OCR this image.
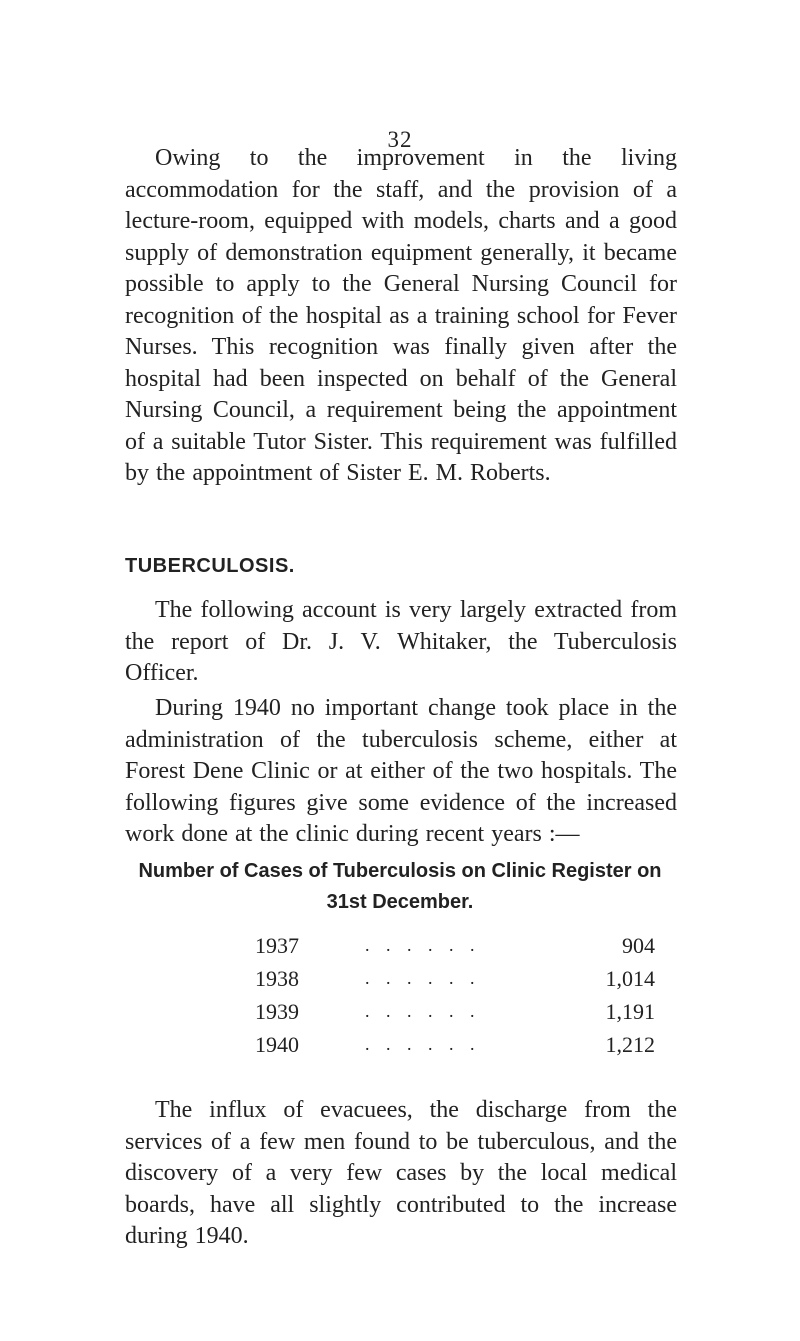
32

Owing to the improvement in the living accommodation for the staff, and the provision of a lecture-room, equipped with models, charts and a good supply of demonstration equipment generally, it became possible to apply to the General Nursing Council for recognition of the hospital as a training school for Fever Nurses. This recognition was finally given after the hospital had been inspected on behalf of the General Nursing Council, a requirement being the appointment of a suitable Tutor Sister. This requirement was fulfilled by the appointment of Sister E. M. Roberts.

TUBERCULOSIS.

The following account is very largely extracted from the report of Dr. J. V. Whitaker, the Tuberculosis Officer.

During 1940 no important change took place in the administration of the tuberculosis scheme, either at Forest Dene Clinic or at either of the two hospitals. The following figures give some evidence of the increased work done at the clinic during recent years :—

Number of Cases of Tuberculosis on Clinic Register on
31st December.
1937	. . . . . .	904
1938	. . . . . .	1,014
1939	. . . . . .	1,191
1940	. . . . . .	1,212

The influx of evacuees, the discharge from the services of a few men found to be tuberculous, and the discovery of a very few cases by the local medical boards, have all slightly contributed to the increase during 1940.
